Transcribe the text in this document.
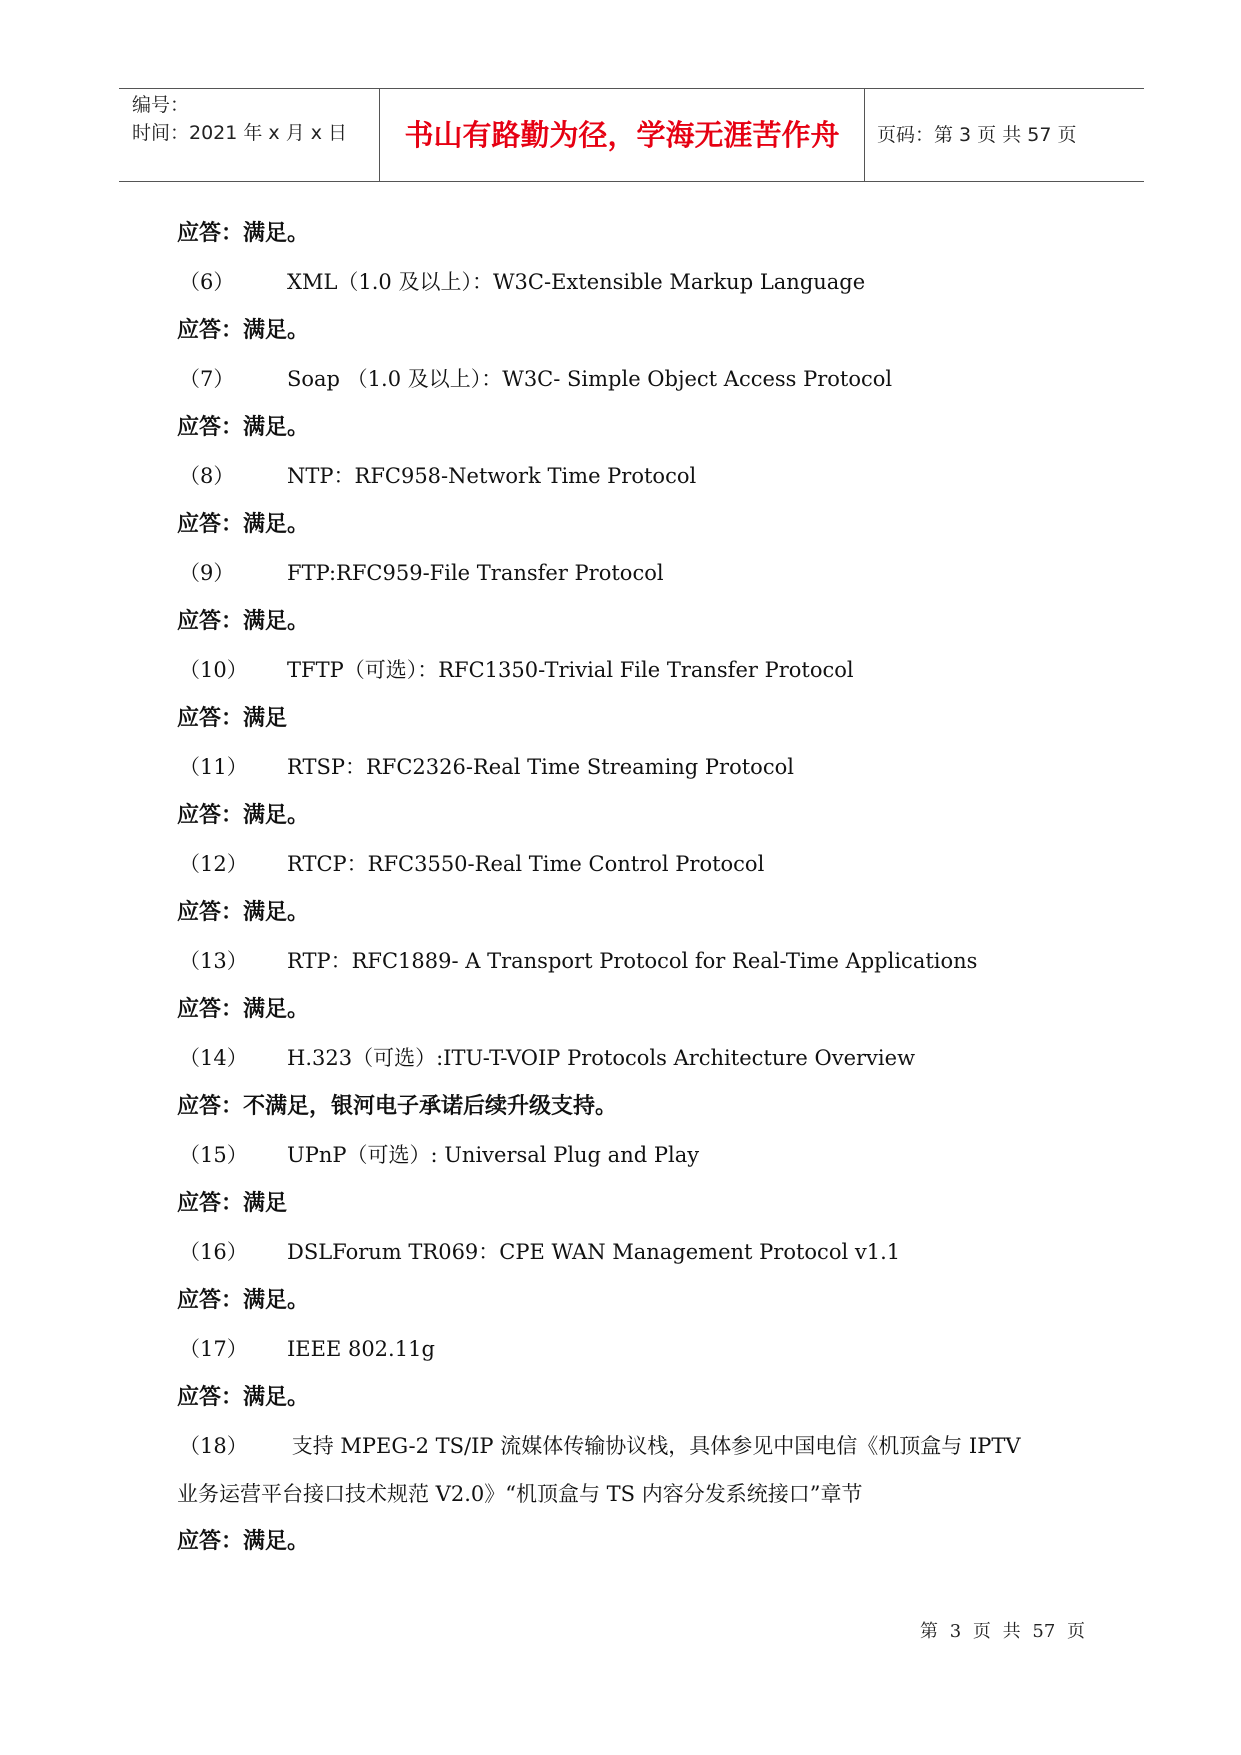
编号：
时间：2021 年 x 月 x 日	书山有路勤为径，学海无涯苦作舟	页码：第 3 页 共 57 页
应答：满足。
（6）	XML（1.0 及以上）：W3C-Extensible Markup Language
应答：满足。
（7）	Soap （1.0 及以上）：W3C- Simple Object Access Protocol
应答：满足。
（8）	NTP：RFC958-Network Time Protocol
应答：满足。
（9）	FTP:RFC959-File Transfer Protocol
应答：满足。
（10） TFTP（可选）：RFC1350-Trivial File Transfer Protocol
应答：满足
（11） RTSP：RFC2326-Real Time Streaming Protocol
应答：满足。
（12） RTCP：RFC3550-Real Time Control Protocol
应答：满足。
（13） RTP：RFC1889- A Transport Protocol for Real-Time Applications
应答：满足。
（14） H.323（可选）:ITU-T-VOIP Protocols Architecture Overview
应答：不满足，银河电子承诺后续升级支持。
（15） UPnP（可选）: Universal Plug and Play
应答：满足
（16） DSLForum TR069：CPE WAN Management Protocol v1.1
应答：满足。
（17） IEEE 802.11g
应答：满足。
（18） 支持 MPEG-2 TS/IP 流媒体传输协议栈，具体参见中国电信《机顶盒与 IPTV
业务运营平台接口技术规范 V2.0》“机顶盒与 TS 内容分发系统接口”章节
应答：满足。
第 3 页 共 57 页
